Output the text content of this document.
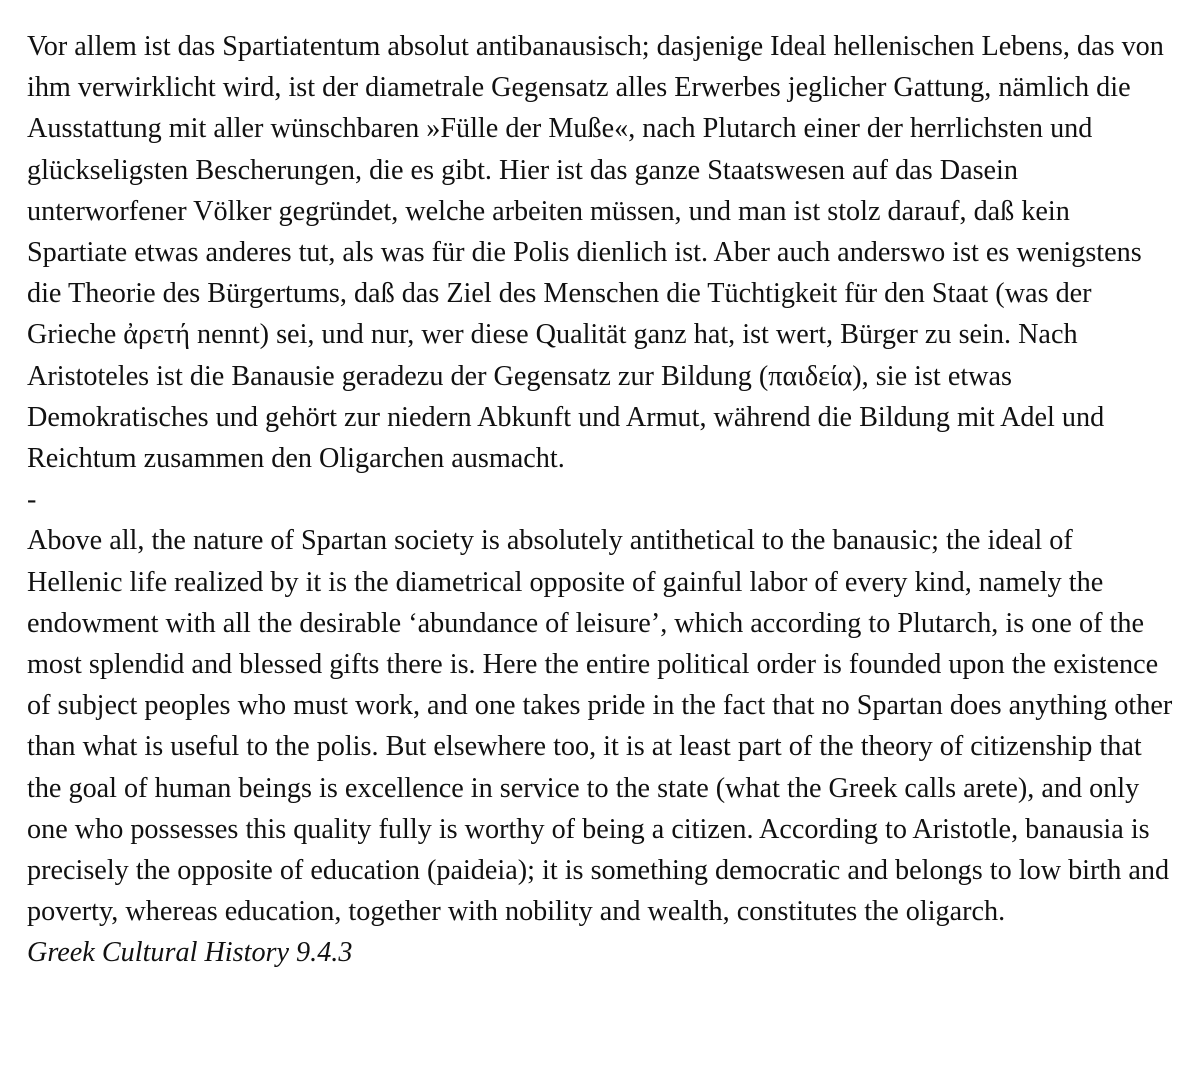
Vor allem ist das Spartiatentum absolut antibanausisch; dasjenige Ideal hellenischen Lebens, das von ihm verwirklicht wird, ist der diametrale Gegensatz alles Erwerbes jeglicher Gattung, nämlich die Ausstattung mit aller wünschbaren »Fülle der Muße«, nach Plutarch einer der herrlichsten und glückseligsten Bescherungen, die es gibt. Hier ist das ganze Staatswesen auf das Dasein unterworfener Völker gegründet, welche arbeiten müssen, und man ist stolz darauf, daß kein Spartiate etwas anderes tut, als was für die Polis dienlich ist. Aber auch anderswo ist es wenigstens die Theorie des Bürgertums, daß das Ziel des Menschen die Tüchtigkeit für den Staat (was der Grieche ἀρετή nennt) sei, und nur, wer diese Qualität ganz hat, ist wert, Bürger zu sein. Nach Aristoteles ist die Banausie geradezu der Gegensatz zur Bildung (παιδεία), sie ist etwas Demokratisches und gehört zur niedern Abkunft und Armut, während die Bildung mit Adel und Reichtum zusammen den Oligarchen ausmacht.

-

Above all, the nature of Spartan society is absolutely antithetical to the banausic; the ideal of Hellenic life realized by it is the diametrical opposite of gainful labor of every kind, namely the endowment with all the desirable ‘abundance of leisure’, which according to Plutarch, is one of the most splendid and blessed gifts there is. Here the entire political order is founded upon the existence of subject peoples who must work, and one takes pride in the fact that no Spartan does anything other than what is useful to the polis. But elsewhere too, it is at least part of the theory of citizenship that the goal of human beings is excellence in service to the state (what the Greek calls arete), and only one who possesses this quality fully is worthy of being a citizen. According to Aristotle, banausia is precisely the opposite of education (paideia); it is something democratic and belongs to low birth and poverty, whereas education, together with nobility and wealth, constitutes the oligarch.

Greek Cultural History 9.4.3
